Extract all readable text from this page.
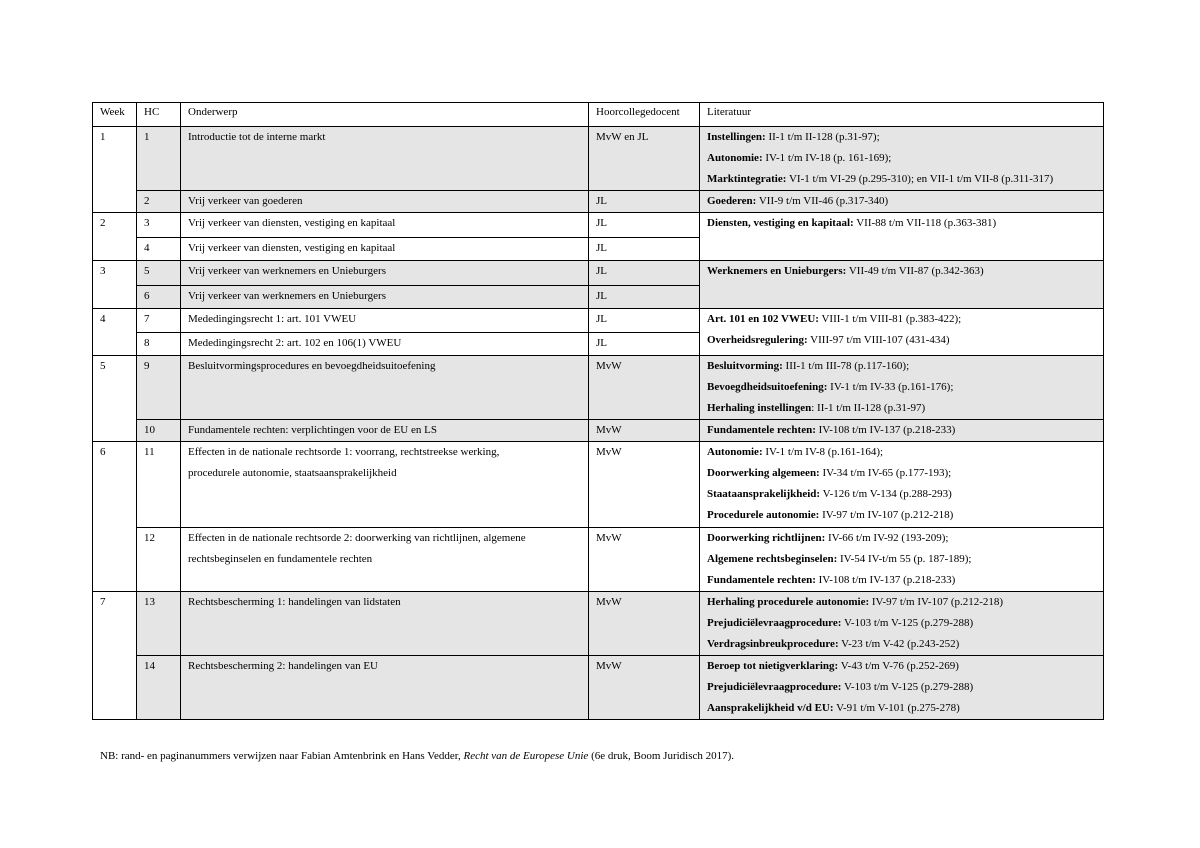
Week	HC	Onderwerp	Hoorcollegedocent	Literatuur
1	1	Introductie tot de interne markt	MvW en JL	Instellingen: II-1 t/m II-128 (p.31-97);
Autonomie: IV-1 t/m IV-18 (p. 161-169);
Marktintegratie: VI-1 t/m VI-29 (p.295-310); en VII-1 t/m VII-8 (p.311-317)

	2	Vrij verkeer van goederen	JL	Goederen: VII-9 t/m VII-46 (p.317-340)

2	3	Vrij verkeer van diensten, vestiging en kapitaal	JL	Diensten, vestiging en kapitaal: VII-88 t/m VII-118 (p.363-381)

	4	Vrij verkeer van diensten, vestiging en kapitaal	JL	
3	5	Vrij verkeer van werknemers en Unieburgers	JL	Werknemers en Unieburgers: VII-49 t/m VII-87 (p.342-363)

	6	Vrij verkeer van werknemers en Unieburgers	JL	
4	7	Mededingingsrecht 1: art. 101 VWEU	JL	Art. 101 en 102 VWEU: VIII-1 t/m VIII-81 (p.383-422);
Overheidsregulering: VIII-97 t/m VIII-107 (431-434)

	8	Mededingingsrecht 2: art. 102 en 106(1) VWEU	JL	
5	9	Besluitvormingsprocedures en bevoegdheidsuitoefening	MvW	Besluitvorming: III-1 t/m III-78 (p.117-160);
Bevoegdheidsuitoefening: IV-1 t/m IV-33 (p.161-176);
Herhaling instellingen: II-1 t/m II-128 (p.31-97)

	10	Fundamentele rechten: verplichtingen voor de EU en LS	MvW	Fundamentele rechten: IV-108 t/m IV-137 (p.218-233)

6	11	Effecten in de nationale rechtsorde 1: voorrang, rechtstreekse werking,
procedurele autonomie, staatsaansprakelijkheid	MvW	Autonomie: IV-1 t/m IV-8 (p.161-164);
Doorwerking algemeen: IV-34 t/m IV-65 (p.177-193);
Staataansprakelijkheid: V-126 t/m V-134 (p.288-293)
Procedurele autonomie: IV-97 t/m IV-107 (p.212-218)

	12	Effecten in de nationale rechtsorde 2: doorwerking van richtlijnen, algemene
rechtsbeginselen en fundamentele rechten	MvW	Doorwerking richtlijnen: IV-66 t/m IV-92 (193-209);
Algemene rechtsbeginselen: IV-54 IV-t/m 55 (p. 187-189);
Fundamentele rechten: IV-108 t/m IV-137 (p.218-233)

7	13	Rechtsbescherming 1: handelingen van lidstaten	MvW	Herhaling procedurele autonomie: IV-97 t/m IV-107 (p.212-218)
Prejudiciëlevraagprocedure: V-103 t/m V-125 (p.279-288)
Verdragsinbreukprocedure: V-23 t/m V-42 (p.243-252)

	14	Rechtsbescherming 2: handelingen van EU	MvW	Beroep tot nietigverklaring: V-43 t/m V-76 (p.252-269)
Prejudiciëlevraagprocedure: V-103 t/m V-125 (p.279-288)
Aansprakelijkheid v/d EU: V-91 t/m V-101 (p.275-278)
NB: rand- en paginanummers verwijzen naar Fabian Amtenbrink en Hans Vedder, Recht van de Europese Unie (6e druk, Boom Juridisch 2017).
